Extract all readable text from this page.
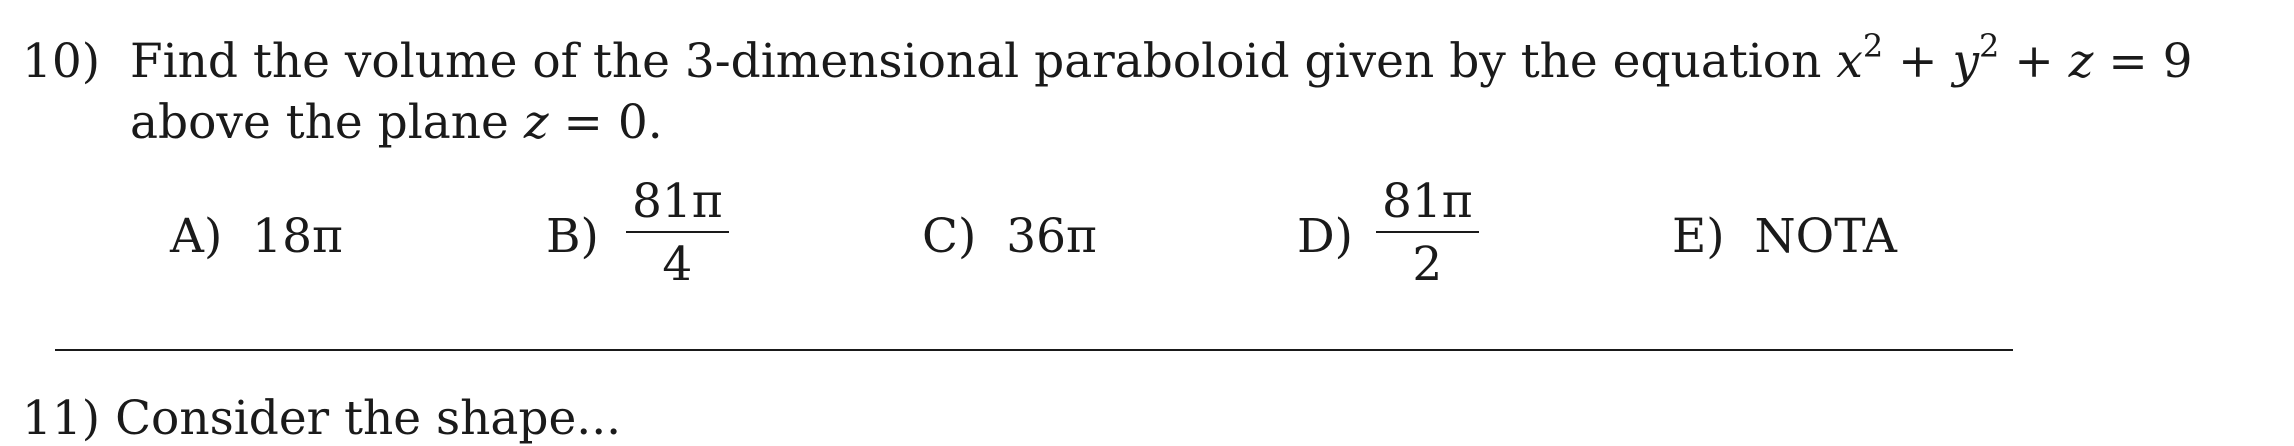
10) Find the volume of the 3-dimensional paraboloid given by the equation $x^2 + y^2 + z = 9$
above the plane z = 0.
A) 18π	B)
81π
4
C) 36π	D)
81π
2
E) NOTA
11) Consider the shape...
